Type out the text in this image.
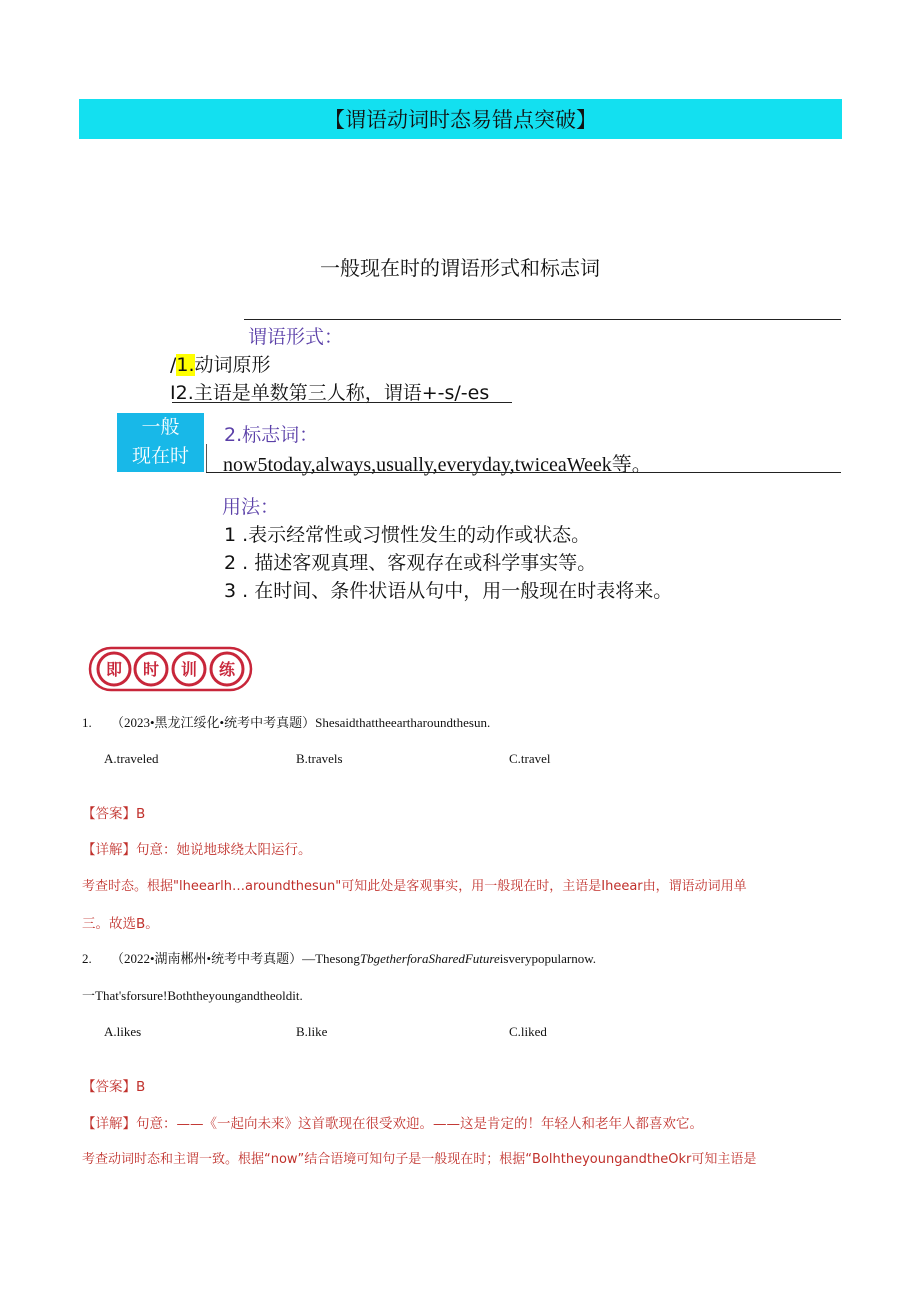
【谓语动词时态易错点突破】
一般现在时的谓语形式和标志词
谓语形式：
/1.动词原形
I2.主语是单数第三人称，谓语+-s/-es
一般
现在时
2.标志词：
now5today,always,usually,everyday,twiceaWeek等。
用法：
1 .表示经常性或习惯性发生的动作或状态。
2 . 描述客观真理、客观存在或科学事实等。
3 . 在时间、条件状语从句中，用一般现在时表将来。
即 时 训 练
1. （2023•黑龙江绥化•统考中考真题）Shesaidthattheeartharoundthesun.
A.traveled	B.travels	C.travel
【答案】B
【详解】句意：她说地球绕太阳运行。
考查时态。根据"lheearlh…aroundthesun"可知此处是客观事实，用一般现在时，主语是Iheear由，谓语动词用单
三。故选B。
2. （2022•湖南郴州•统考中考真题）—ThesongTbgetherforaSharedFutureisverypopularnow.
一That'sforsure!Boththeyoungandtheoldit.
A.likes	B.like	C.liked
【答案】B
【详解】句意：——《一起向未来》这首歌现在很受欢迎。——这是肯定的！年轻人和老年人都喜欢它。
考查动词时态和主谓一致。根据“now”结合语境可知句子是一般现在时；根据“BolhtheyoungandtheOkr可知主语是
